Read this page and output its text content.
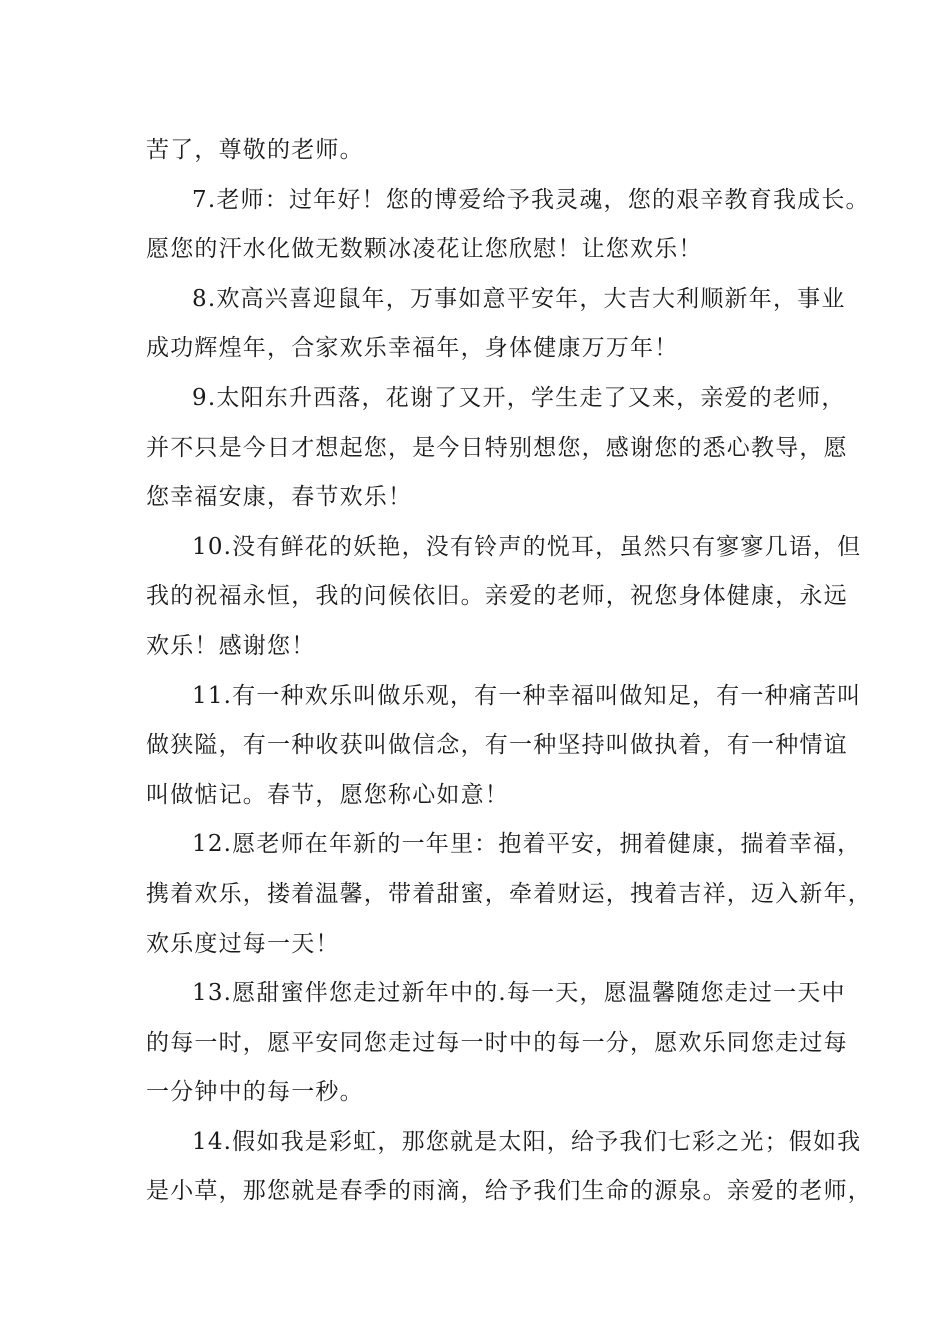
苦了，尊敬的老师。
7.老师：过年好！您的博爱给予我灵魂，您的艰辛教育我成长。
愿您的汗水化做无数颗冰凌花让您欣慰！让您欢乐！
8.欢高兴喜迎鼠年，万事如意平安年，大吉大利顺新年，事业
成功辉煌年，合家欢乐幸福年，身体健康万万年！
9.太阳东升西落，花谢了又开，学生走了又来，亲爱的老师，
并不只是今日才想起您，是今日特别想您，感谢您的悉心教导，愿
您幸福安康，春节欢乐！
10.没有鲜花的妖艳，没有铃声的悦耳，虽然只有寥寥几语，但
我的祝福永恒，我的问候依旧。亲爱的老师，祝您身体健康，永远
欢乐！感谢您！
11.有一种欢乐叫做乐观，有一种幸福叫做知足，有一种痛苦叫
做狭隘，有一种收获叫做信念，有一种坚持叫做执着，有一种情谊
叫做惦记。春节，愿您称心如意！
12.愿老师在年新的一年里：抱着平安，拥着健康，揣着幸福，
携着欢乐，搂着温馨，带着甜蜜，牵着财运，拽着吉祥，迈入新年，
欢乐度过每一天！
13.愿甜蜜伴您走过新年中的.每一天，愿温馨随您走过一天中
的每一时，愿平安同您走过每一时中的每一分，愿欢乐同您走过每
一分钟中的每一秒。
14.假如我是彩虹，那您就是太阳，给予我们七彩之光；假如我
是小草，那您就是春季的雨滴，给予我们生命的源泉。亲爱的老师，
